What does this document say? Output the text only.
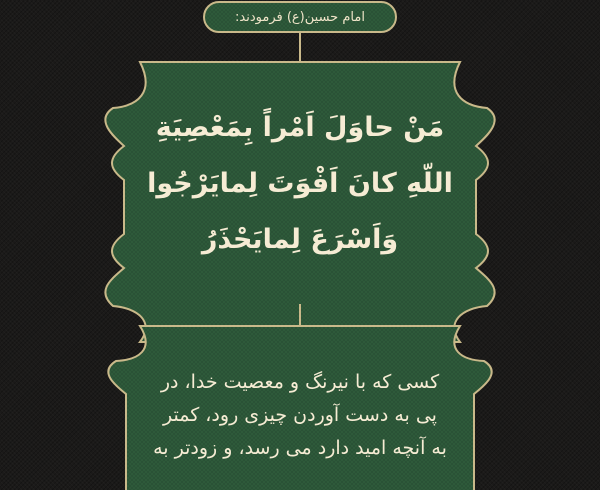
امام حسین(ع) فرمودند:
مَنْ حاوَلَ اَمْراً بِمَعْصِيَةِ
اللّهِ كانَ اَفْوَتَ لِمايَرْجُوا
وَاَسْرَعَ لِمايَحْذَرُ
کسی که با نیرنگ و معصیت خدا، در
پی به دست آوردن چیزی رود، کمتر
به آنچه امید دارد می رسد، و زودتر به
